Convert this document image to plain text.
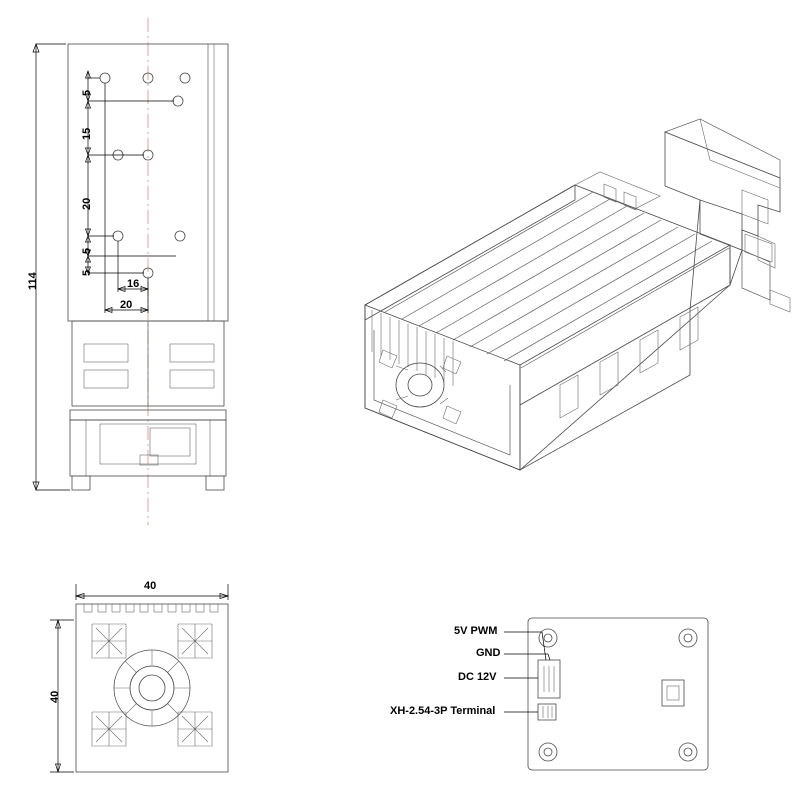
114
5
15
20
5
5
16
20
40
40
5V PWM
GND
DC 12V
XH-2.54-3P Terminal
